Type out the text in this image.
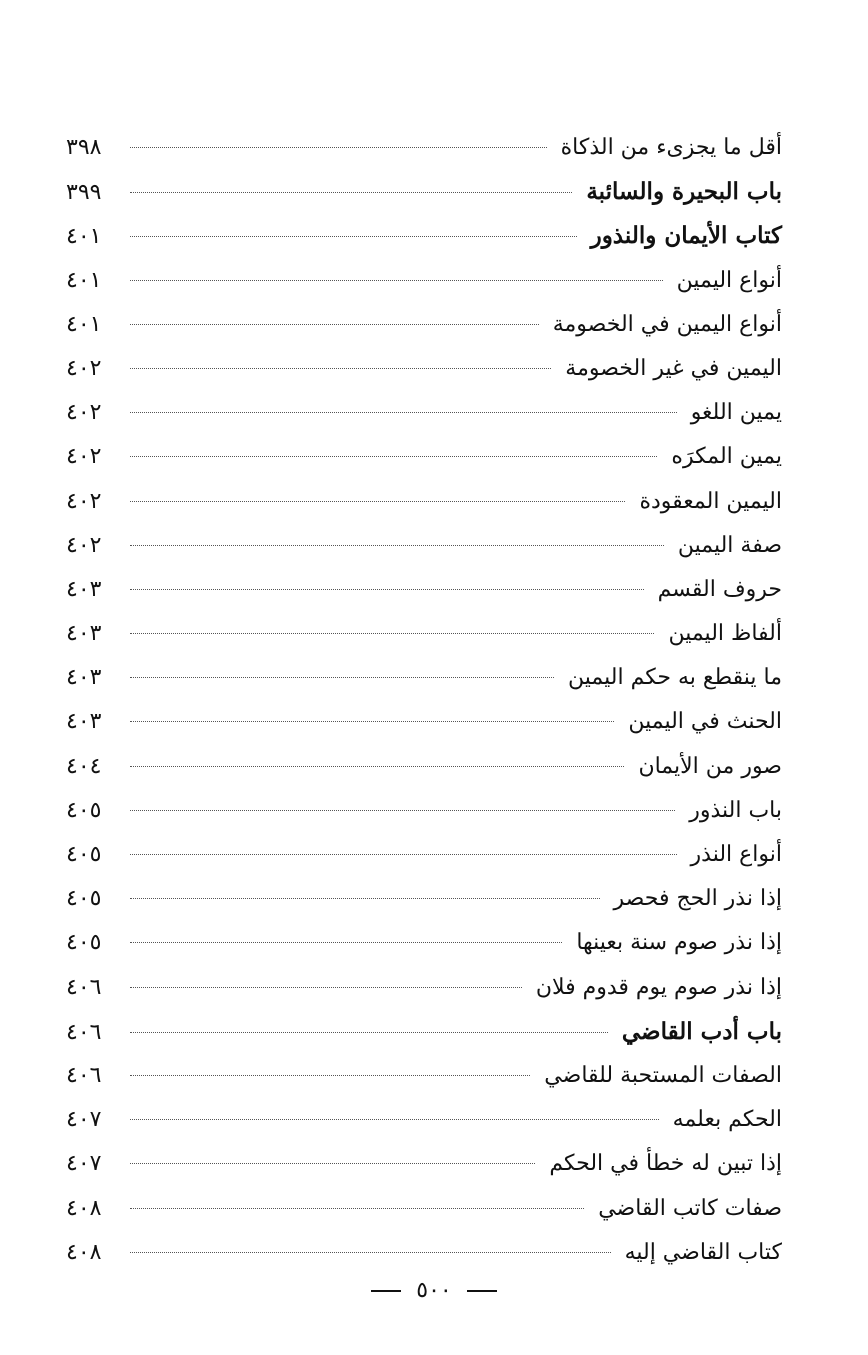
أقل ما يجزىء من الذكاة
٣٩٨
باب البحيرة والسائبة
٣٩٩
كتاب الأيمان والنذور
٤٠١
أنواع اليمين
٤٠١
أنواع اليمين في الخصومة
٤٠١
اليمين في غير الخصومة
٤٠٢
يمين اللغو
٤٠٢
يمين المكرَه
٤٠٢
اليمين المعقودة
٤٠٢
صفة اليمين
٤٠٢
حروف القسم
٤٠٣
ألفاظ اليمين
٤٠٣
ما ينقطع به حكم اليمين
٤٠٣
الحنث في اليمين
٤٠٣
صور من الأيمان
٤٠٤
باب النذور
٤٠٥
أنواع النذر
٤٠٥
إذا نذر الحج فحصر
٤٠٥
إذا نذر صوم سنة بعينها
٤٠٥
إذا نذر صوم يوم قدوم فلان
٤٠٦
باب أدب القاضي
٤٠٦
الصفات المستحبة للقاضي
٤٠٦
الحكم بعلمه
٤٠٧
إذا تبين له خطأ في الحكم
٤٠٧
صفات كاتب القاضي
٤٠٨
كتاب القاضي إليه
٤٠٨
٥٠٠
